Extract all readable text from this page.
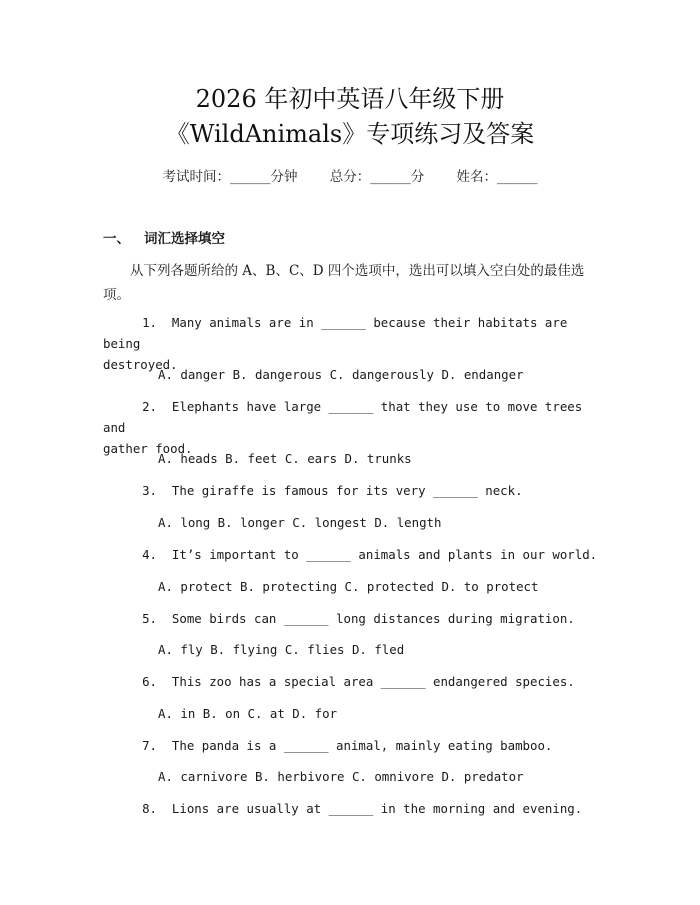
2026 年初中英语八年级下册
《WildAnimals》专项练习及答案
考试时间：______分钟 总分：______分 姓名：______
一、 词汇选择填空
从下列各题所给的 A、B、C、D 四个选项中，选出可以填入空白处的最佳选项。
1. Many animals are in ______ because their habitats are being
destroyed.
A. danger B. dangerous C. dangerously D. endanger
2. Elephants have large ______ that they use to move trees and
gather food.
A. heads B. feet C. ears D. trunks
3. The giraffe is famous for its very ______ neck.
A. long B. longer C. longest D. length
4. It’s important to ______ animals and plants in our world.
A. protect B. protecting C. protected D. to protect
5. Some birds can ______ long distances during migration.
A. fly B. flying C. flies D. fled
6. This zoo has a special area ______ endangered species.
A. in B. on C. at D. for
7. The panda is a ______ animal, mainly eating bamboo.
A. carnivore B. herbivore C. omnivore D. predator
8. Lions are usually at ______ in the morning and evening.
